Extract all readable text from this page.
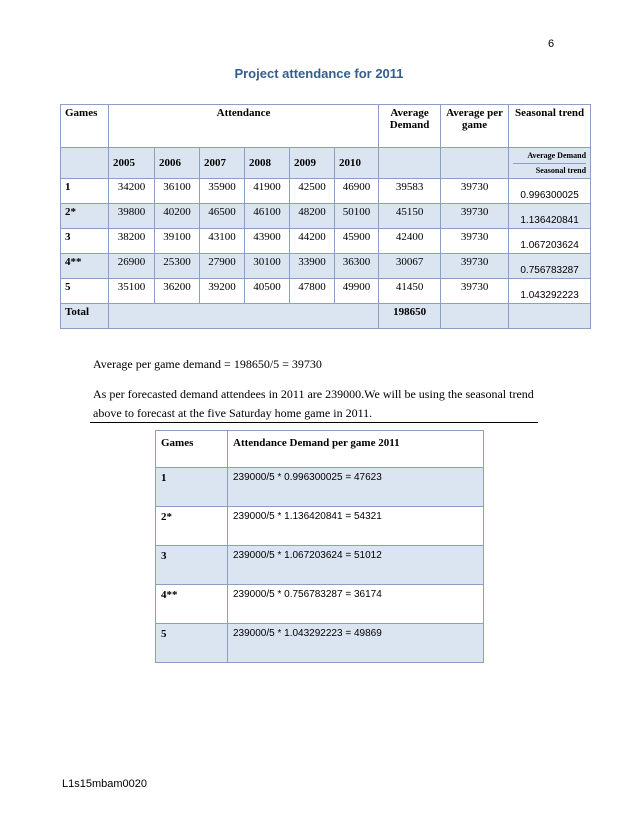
6
Project attendance for 2011
Games	Attendance						Average Demand	Average per game	Seasonal trend
	2005	2006	2007	2008	2009	2010			Average Demand
Seasonal trend

1	34200	36100	35900	41900	42500	46900	39583	39730	0.996300025
2*	39800	40200	46500	46100	48200	50100	45150	39730	1.136420841
3	38200	39100	43100	43900	44200	45900	42400	39730	1.067203624
4**	26900	25300	27900	30100	33900	36300	30067	39730	0.756783287
5	35100	36200	39200	40500	47800	49900	41450	39730	1.043292223
Total							198650		
Average per game demand = 198650/5 = 39730
As per forecasted demand attendees in 2011 are 239000.We will be using the seasonal trend above to forecast at the five Saturday home game in 2011.
Games	Attendance Demand per game 2011
1	239000/5 * 0.996300025 = 47623
2*	239000/5 * 1.136420841 = 54321
3	239000/5 * 1.067203624 = 51012
4**	239000/5 * 0.756783287 = 36174
5	239000/5 * 1.043292223 = 49869
L1s15mbam0020
